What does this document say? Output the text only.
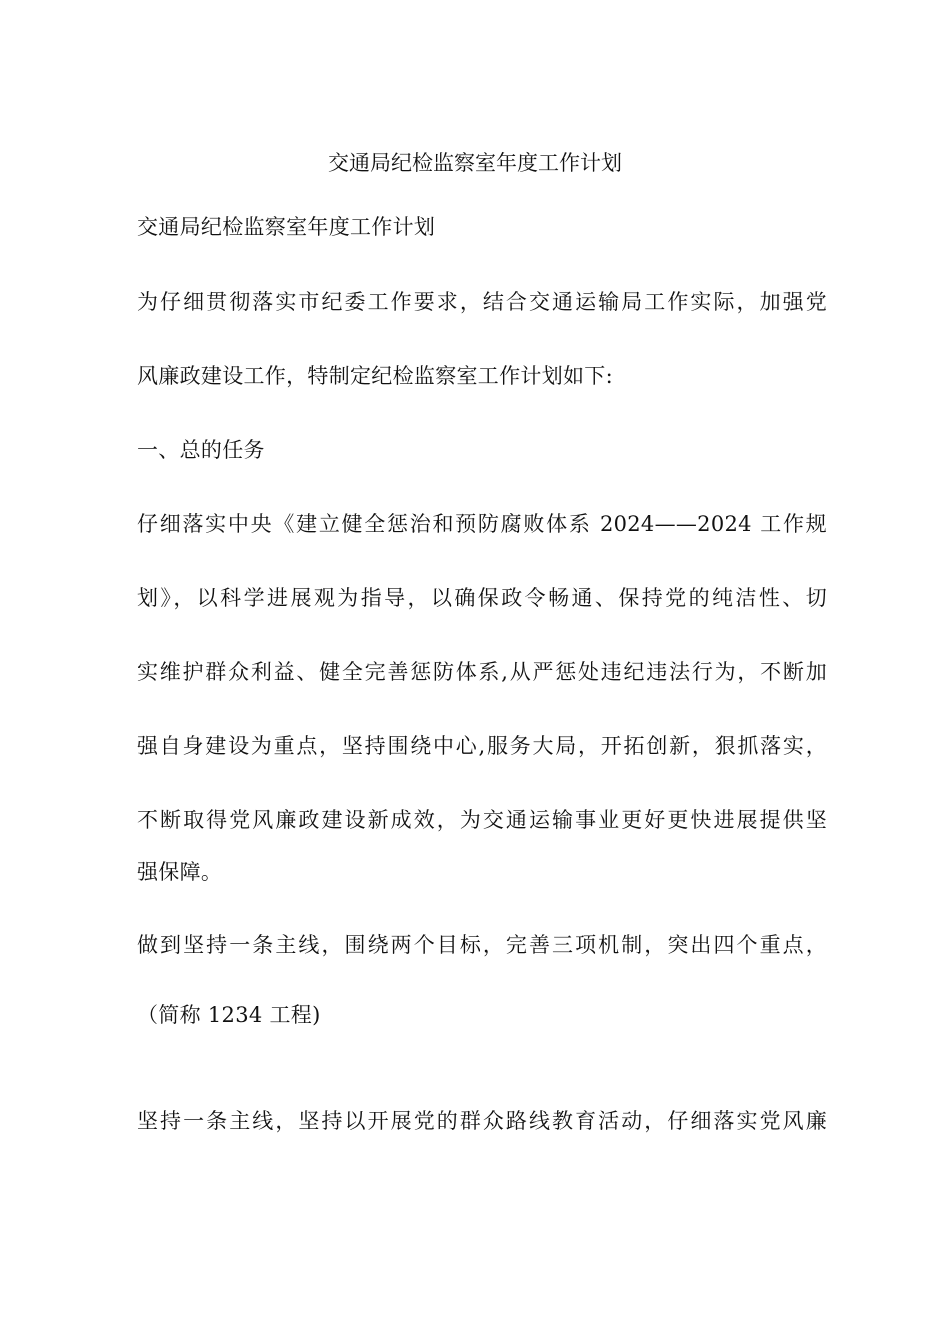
交通局纪检监察室年度工作计划
交通局纪检监察室年度工作计划
为仔细贯彻落实市纪委工作要求，结合交通运输局工作实际，加强党
风廉政建设工作，特制定纪检监察室工作计划如下:
一、总的任务
仔细落实中央《建立健全惩治和预防腐败体系 2024——2024 工作规
划》，以科学进展观为指导，以确保政令畅通、保持党的纯洁性、切
实维护群众利益、健全完善惩防体系,从严惩处违纪违法行为，不断加
强自身建设为重点，坚持围绕中心,服务大局，开拓创新，狠抓落实，
不断取得党风廉政建设新成效，为交通运输事业更好更快进展提供坚
强保障。
做到坚持一条主线，围绕两个目标，完善三项机制，突出四个重点，
（简称 1234 工程)
坚持一条主线，坚持以开展党的群众路线教育活动，仔细落实党风廉
